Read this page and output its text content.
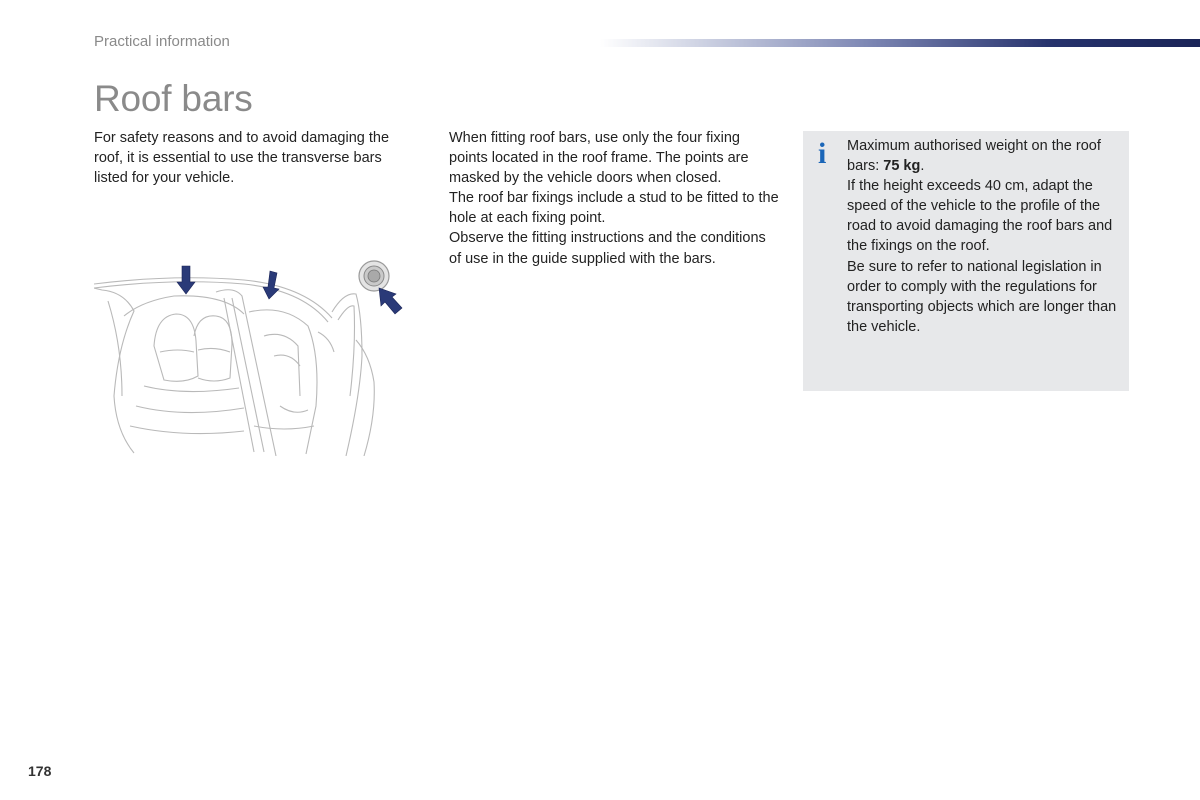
Practical information
Roof bars

For safety reasons and to avoid damaging the roof, it is essential to use the transverse bars listed for your vehicle.

When fitting roof bars, use only the four fixing points located in the roof frame. The points are masked by the vehicle doors when closed.

The roof bar fixings include a stud to be fitted to the hole at each fixing point.

Observe the fitting instructions and the conditions of use in the guide supplied with the bars.

i Maximum authorised weight on the roof bars: 75 kg.

If the height exceeds 40 cm, adapt the speed of the vehicle to the profile of the road to avoid damaging the roof bars and the fixings on the roof.

Be sure to refer to national legislation in order to comply with the regulations for transporting objects which are longer than the vehicle.

178
